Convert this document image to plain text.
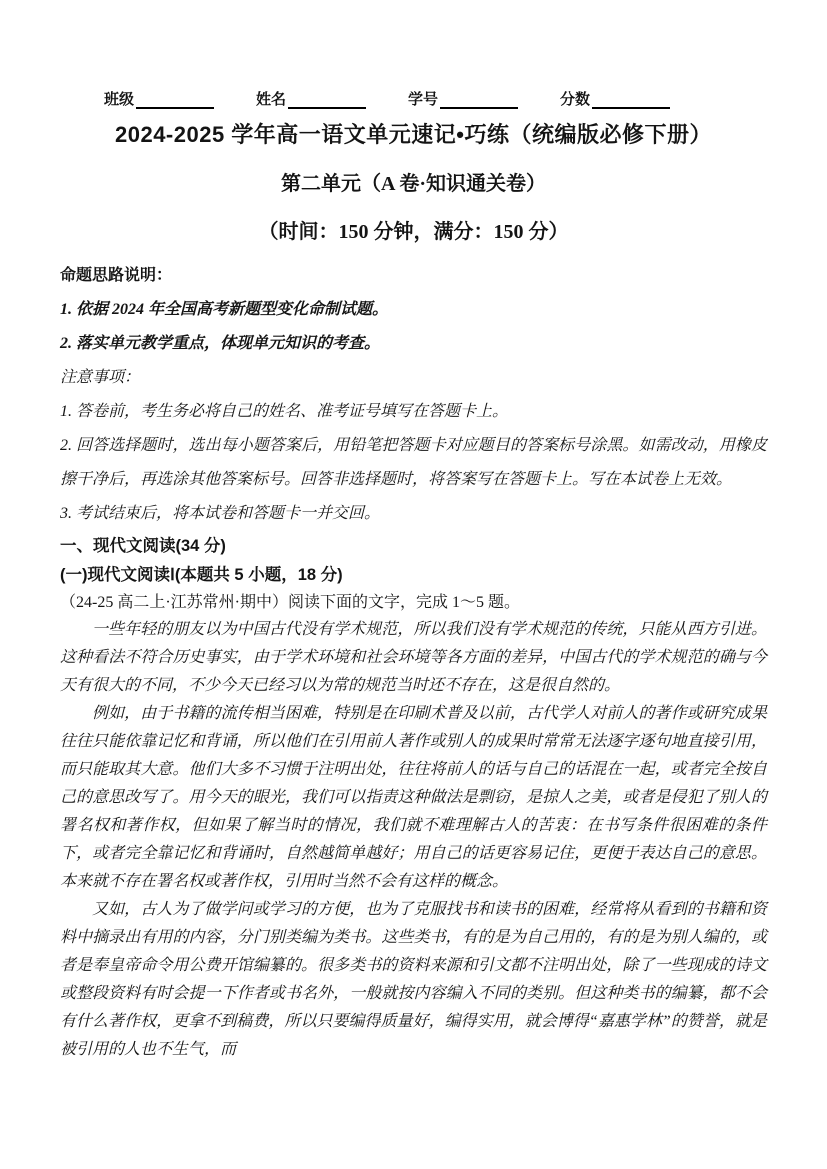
班级	姓名	学号	分数
2024-2025 学年高一语文单元速记•巧练（统编版必修下册）
第二单元（A 卷·知识通关卷）
（时间：150 分钟，满分：150 分）

命题思路说明：

1. 依据 2024 年全国高考新题型变化命制试题。

2. 落实单元教学重点，体现单元知识的考查。

注意事项：

1. 答卷前，考生务必将自己的姓名、准考证号填写在答题卡上。

2. 回答选择题时，选出每小题答案后，用铅笔把答题卡对应题目的答案标号涂黑。如需改动，用橡皮擦干净后，再选涂其他答案标号。回答非选择题时，将答案写在答题卡上。写在本试卷上无效。

3. 考试结束后，将本试卷和答题卡一并交回。

一、现代文阅读(34 分)

(一)现代文阅读Ⅰ(本题共 5 小题，18 分)

（24-25 高二上·江苏常州·期中）阅读下面的文字，完成 1～5 题。

一些年轻的朋友以为中国古代没有学术规范，所以我们没有学术规范的传统，只能从西方引进。这种看法不符合历史事实，由于学术环境和社会环境等各方面的差异，中国古代的学术规范的确与今天有很大的不同，不少今天已经习以为常的规范当时还不存在，这是很自然的。

例如，由于书籍的流传相当困难，特别是在印刷术普及以前，古代学人对前人的著作或研究成果往往只能依靠记忆和背诵，所以他们在引用前人著作或别人的成果时常常无法逐字逐句地直接引用，而只能取其大意。他们大多不习惯于注明出处，往往将前人的话与自己的话混在一起，或者完全按自己的意思改写了。用今天的眼光，我们可以指责这种做法是剽窃，是掠人之美，或者是侵犯了别人的署名权和著作权，但如果了解当时的情况，我们就不难理解古人的苦衷：在书写条件很困难的条件下，或者完全靠记忆和背诵时，自然越简单越好；用自己的话更容易记住，更便于表达自己的意思。本来就不存在署名权或著作权，引用时当然不会有这样的概念。

又如，古人为了做学问或学习的方便，也为了克服找书和读书的困难，经常将从看到的书籍和资料中摘录出有用的内容，分门别类编为类书。这些类书，有的是为自己用的，有的是为别人编的，或者是奉皇帝命令用公费开馆编纂的。很多类书的资料来源和引文都不注明出处，除了一些现成的诗文或整段资料有时会提一下作者或书名外，一般就按内容编入不同的类别。但这种类书的编纂，都不会有什么著作权，更拿不到稿费，所以只要编得质量好，编得实用，就会博得“嘉惠学林”的赞誉，就是被引用的人也不生气，而
